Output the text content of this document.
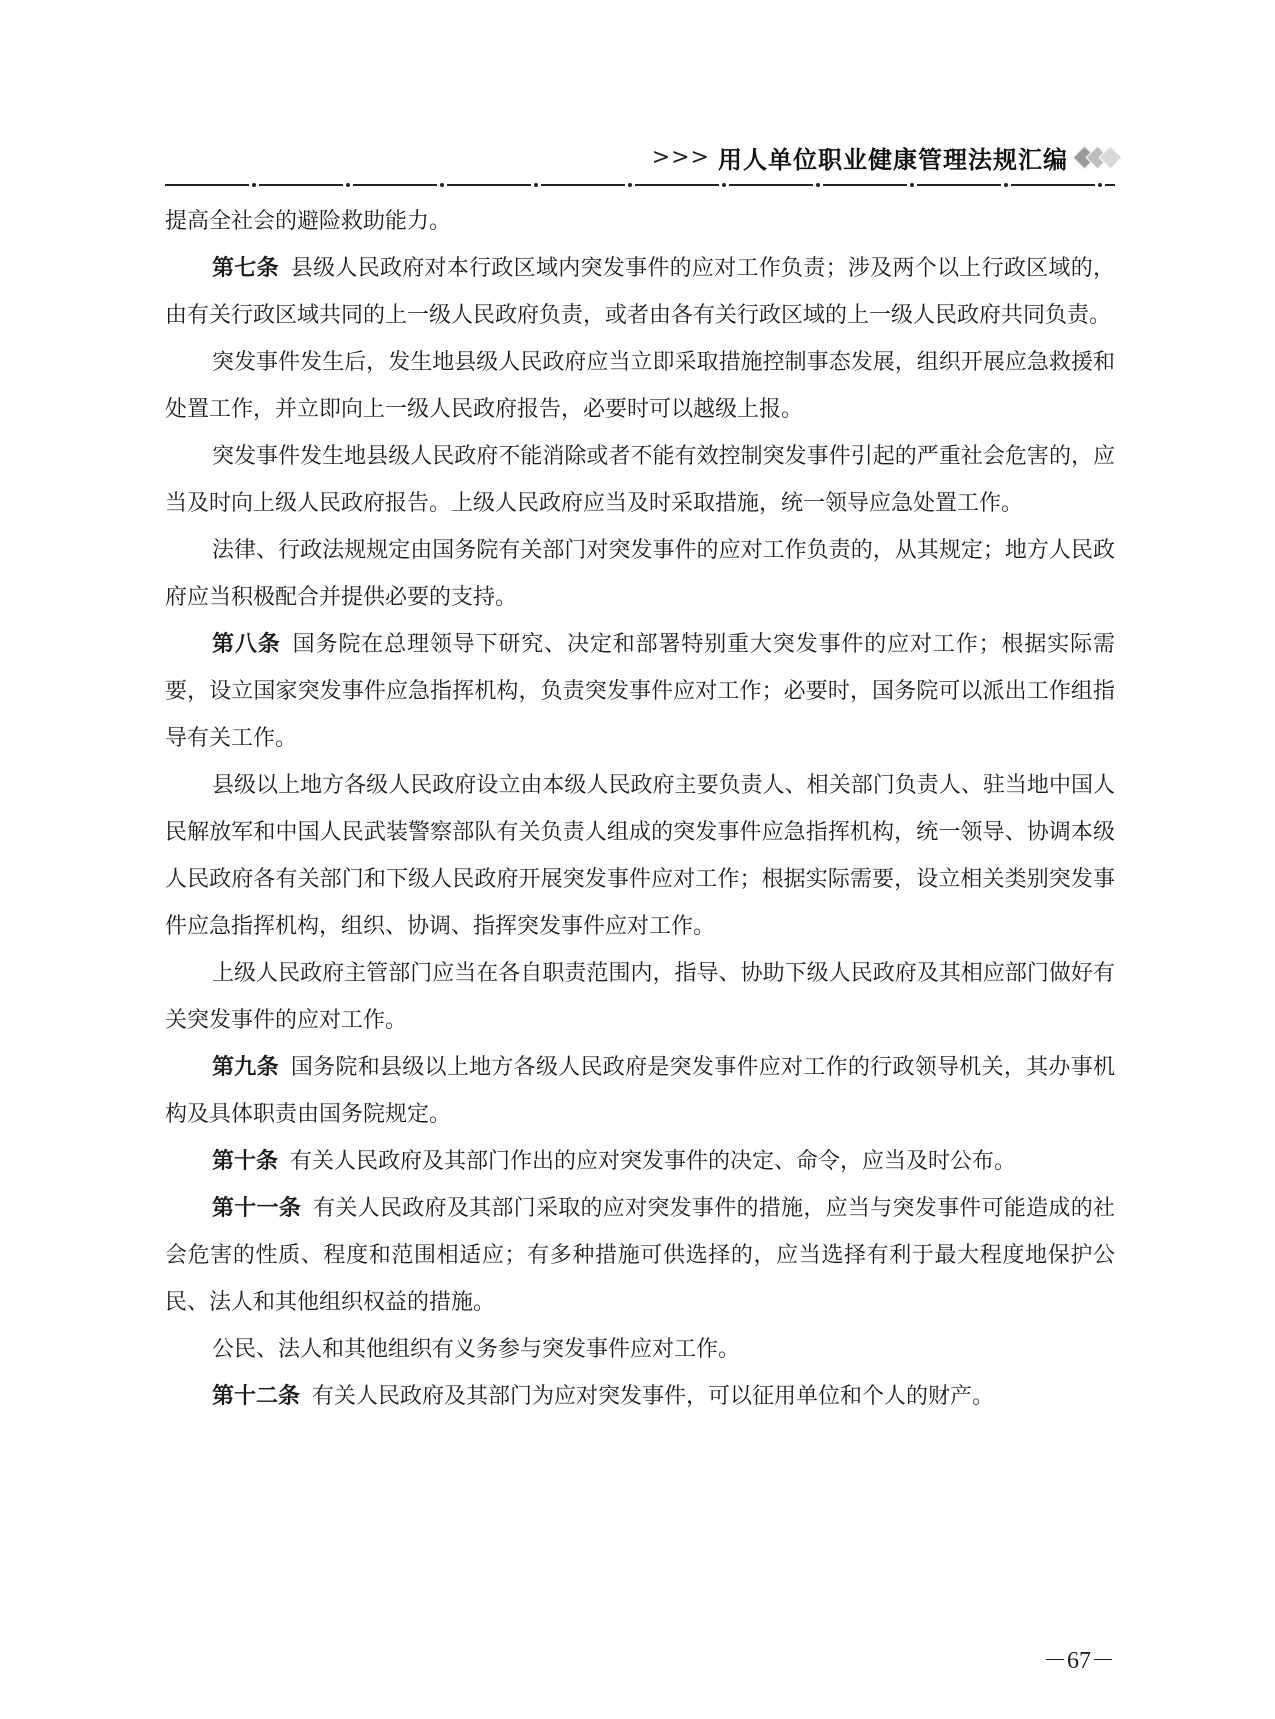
>>> 用人单位职业健康管理法规汇编

提高全社会的避险救助能力。

第七条 县级人民政府对本行政区域内突发事件的应对工作负责；涉及两个以上行政区域的，由有关行政区域共同的上一级人民政府负责，或者由各有关行政区域的上一级人民政府共同负责。

突发事件发生后，发生地县级人民政府应当立即采取措施控制事态发展，组织开展应急救援和处置工作，并立即向上一级人民政府报告，必要时可以越级上报。

突发事件发生地县级人民政府不能消除或者不能有效控制突发事件引起的严重社会危害的，应当及时向上级人民政府报告。上级人民政府应当及时采取措施，统一领导应急处置工作。

法律、行政法规规定由国务院有关部门对突发事件的应对工作负责的，从其规定；地方人民政府应当积极配合并提供必要的支持。

第八条 国务院在总理领导下研究、决定和部署特别重大突发事件的应对工作；根据实际需要，设立国家突发事件应急指挥机构，负责突发事件应对工作；必要时，国务院可以派出工作组指导有关工作。

县级以上地方各级人民政府设立由本级人民政府主要负责人、相关部门负责人、驻当地中国人民解放军和中国人民武装警察部队有关负责人组成的突发事件应急指挥机构，统一领导、协调本级人民政府各有关部门和下级人民政府开展突发事件应对工作；根据实际需要，设立相关类别突发事件应急指挥机构，组织、协调、指挥突发事件应对工作。

上级人民政府主管部门应当在各自职责范围内，指导、协助下级人民政府及其相应部门做好有关突发事件的应对工作。

第九条 国务院和县级以上地方各级人民政府是突发事件应对工作的行政领导机关，其办事机构及具体职责由国务院规定。

第十条 有关人民政府及其部门作出的应对突发事件的决定、命令，应当及时公布。

第十一条 有关人民政府及其部门采取的应对突发事件的措施，应当与突发事件可能造成的社会危害的性质、程度和范围相适应；有多种措施可供选择的，应当选择有利于最大程度地保护公民、法人和其他组织权益的措施。

公民、法人和其他组织有义务参与突发事件应对工作。

第十二条 有关人民政府及其部门为应对突发事件，可以征用单位和个人的财产。

－67－
